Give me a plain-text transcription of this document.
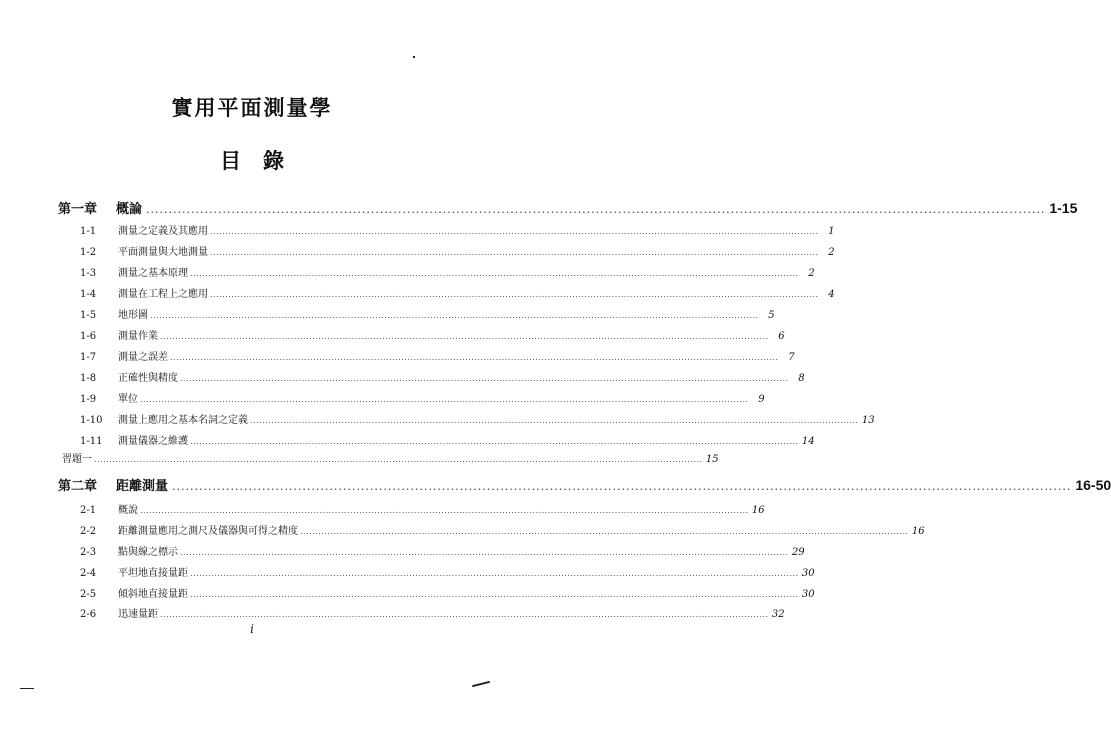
實用平面測量學
目錄
第一章	概論 ........................................................................................................................................................................................................ 1-15
1-1	測量之定義及其應用 ........................................................................................................................................................................................................ 1
1-2	平面測量與大地測量 ........................................................................................................................................................................................................ 2
1-3	測量之基本原理 ........................................................................................................................................................................................................ 2
1-4	測量在工程上之應用 ........................................................................................................................................................................................................ 4
1-5	地形圖 ........................................................................................................................................................................................................ 5
1-6	測量作業 ........................................................................................................................................................................................................ 6
1-7	測量之誤差 ........................................................................................................................................................................................................ 7
1-8	正確性與精度 ........................................................................................................................................................................................................ 8
1-9	單位 ........................................................................................................................................................................................................ 9
1-10	測量上應用之基本名詞之定義 ........................................................................................................................................................................................................ 13
1-11	測量儀器之維護 ........................................................................................................................................................................................................ 14
習題一 ........................................................................................................................................................................................................ 15
第二章	距離測量 ........................................................................................................................................................................................................ 16-50
2-1	概說 ........................................................................................................................................................................................................ 16
2-2	距離測量應用之測尺及儀器與可得之精度 ........................................................................................................................................................................................................ 16
2-3	點與線之標示 ........................................................................................................................................................................................................ 29
2-4	平坦地直接量距 ........................................................................................................................................................................................................ 30
2-5	傾斜地直接量距 ........................................................................................................................................................................................................ 30
2-6	迅速量距 ........................................................................................................................................................................................................ 32
i
